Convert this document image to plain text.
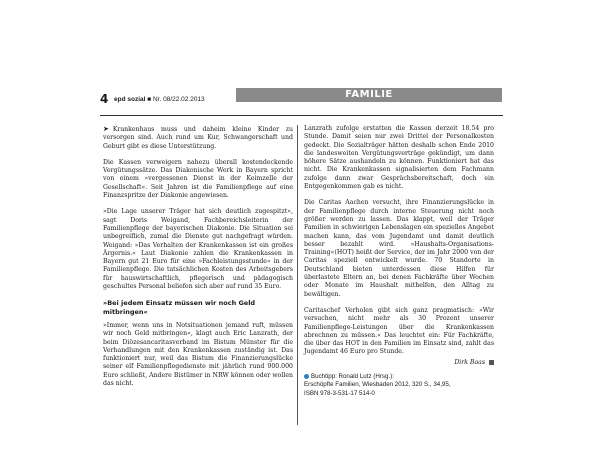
4 epd sozial ■ Nr. 08/22.02.2013	FAMILIE

➤ Krankenhaus muss und daheim kleine Kinder zu versorgen sind. Auch rund um Kur, Schwangerschaft und Geburt gibt es diese Unterstützung.

Die Kassen verweigern nahezu überall kostendeckende Vergütungssätze. Das Diakonische Werk in Bayern spricht von einem »vergessenen Dienst in der Keimzelle der Gesellschaft«. Seit Jahren ist die Familienpflege auf eine Finanzspritze der Diakonie angewiesen.

»Die Lage unserer Träger hat sich deutlich zugespitzt«, sagt Doris Weigand, Fachbereichsleiterin der Familienpflege der bayerischen Diakonie. Die Situation sei unbegreiflich, zumal die Dienste gut nachgefragt würden. Weigand: »Das Verhalten der Krankenkassen ist ein großes Ärgernis.« Laut Diakonie zahlen die Krankenkassen in Bayern gut 21 Euro für eine »Fachleistungsstunde« in der Familienpflege. Die tatsächlichen Kosten des Arbeitsgebers für hauswirtschaftlich, pflegerisch und pädagogisch geschultes Personal beliefen sich aber auf rund 35 Euro.

»Bei jedem Einsatz müssen wir noch Geld mitbringen«

»Immer, wenn uns in Notsituationen jemand ruft, müssen wir noch Geld mitbringen«, klagt auch Eric Lanzrath, der beim Diözesancaritasverband im Bistum Münster für die Verhandlungen mit den Krankenkassen zuständig ist. Das funktioniert nur, weil das Bistum die Finanzierungslücke seiner elf Familienpflegedienste mit jährlich rund 900.000 Euro schließt, Andere Bistümer in NRW können oder wollen das nicht.

Lanzrath zufolge erstatten die Kassen derzeit 18.54 pro Stunde. Damit seien nur zwei Drittel der Personalkosten gedeckt. Die Sozialträger hätten deshalb schon Ende 2010 die landesweiten Vergütungsverträge gekündigt, um dann höhere Sätze aushandeln zu können. Funktioniert hat das nicht. Die Krankenkassen signalisierten dem Fachmann zufolge dann zwar Gesprächsbereitschaft, doch ein Entgegenkommen gab es nicht.

Die Caritas Aachen versucht, ihre Finanzierungslücke in der Familienpflege durch interne Steuerung nicht noch größer werden zu lassen. Das klappt, weil der Träger Familien in schwierigen Lebenslagen ein spezielles Angebot machen kann, das vom Jugendamt und damit deutlich besser bezahlt wird. »Haushalts-Organisations-Training«(HOT) heißt der Service, der im Jahr 2000 von der Caritas speziell entwickelt wurde. 70 Standorte in Deutschland bieten unterdessen diese Hilfen für überlastete Eltern an, bei denen Fachkräfte über Wochen oder Monate im Haushalt mithelfen, den Alltag zu bewältigen.

Caritaschef Verholen gibt sich ganz pragmatisch: »Wir versuchen, nicht mehr als 30 Prozent unserer Familienpflege-Leistungen über die Krankenkassen abrechnen zu müssen.« Das leuchtet ein: Für Fachkräfte, die über das HOT in den Familien im Einsatz sind, zahlt das Jugendamt 46 Euro pro Stunde.

Dirk Baas
Buchtipp: Ronald Lutz (Hrsg.):
Erschöpfte Familien, Wiesbaden 2012, 320 S., 34,95,
ISBN 978-3-531-17 514-0
